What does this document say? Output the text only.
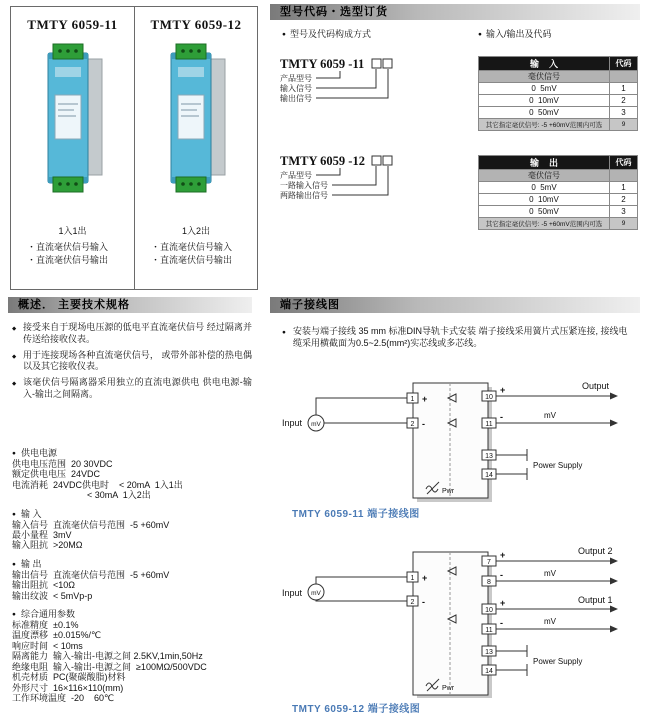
TMTY 6059-11
1入1出
・直流毫伏信号输入
・直流毫伏信号输出
TMTY 6059-12
1入2出
・直流毫伏信号输入
・直流毫伏信号输出
型号代码・选型订货
● 型号及代码构成方式	● 输入/输出及代码
TMTY 6059 -11
产品型号
输入信号
输出信号
输    入	代码
毫伏信号	
0  5mV	1
0  10mV	2
0  50mV	3
其它指定毫伏信号: -5 +60mV范围内可选	9
TMTY 6059 -12
产品型号
一路输入信号
两路输出信号
输    出	代码
毫伏信号	
0  5mV	1
0  10mV	2
0  50mV	3
其它指定毫伏信号: -5 +60mV范围内可选	9
概述． 主要技术规格
◆ 接受来自于现场电压源的低电平直流毫伏信号 经过隔离并传送给接收仪表。
◆ 用于连接现场各种直流毫伏信号， 或带外部补偿的热电偶以及其它接收仪表。
◆ 该毫伏信号隔离器采用独立的直流电源供电 供电电源-输入-输出之间隔离。
● 供电电源
供电电压范围  20 30VDC
额定供电电压  24VDC
电流消耗  24VDC供电时    < 20mA  1入1出
< 30mA  1入2出
● 输 入
输入信号  直流毫伏信号范围  -5 +60mV
最小量程  3mV
输入阻抗  >20MΩ
● 输 出
输出信号  直流毫伏信号范围  -5 +60mV
输出阻抗  <10Ω
输出纹波  < 5mVp-p
● 综合通用参数
标准精度  ±0.1%
温度漂移  ±0.015%/℃
响应时间  < 10ms
隔离能力  输入-输出-电源之间 2.5KV,1min,50Hz
绝缘电阻  输入-输出-电源之间  ≥100MΩ/500VDC
机壳材质  PC(聚碳酸脂)材料
外形尺寸  16×116×110(mm)
工作环境温度  -20    60℃
端子接线图
● 安装与端子接线 35 mm 标准DIN导轨卡式安装 端子接线采用簧片式压紧连接, 接线电缆采用横截面为0.5~2.5(mm²)实芯线或多芯线。
Input mV
1
2
+
-
10
11
+
-	mV
Output
13
14
Power Supply
Pwr
TMTY 6059-11 端子接线图
Input mV
1
2
+
-
7
8
+
-	mV
Output 2
10
11
+
-	mV
Output 1
13
14
Power Supply
Pwr
TMTY 6059-12 端子接线图
